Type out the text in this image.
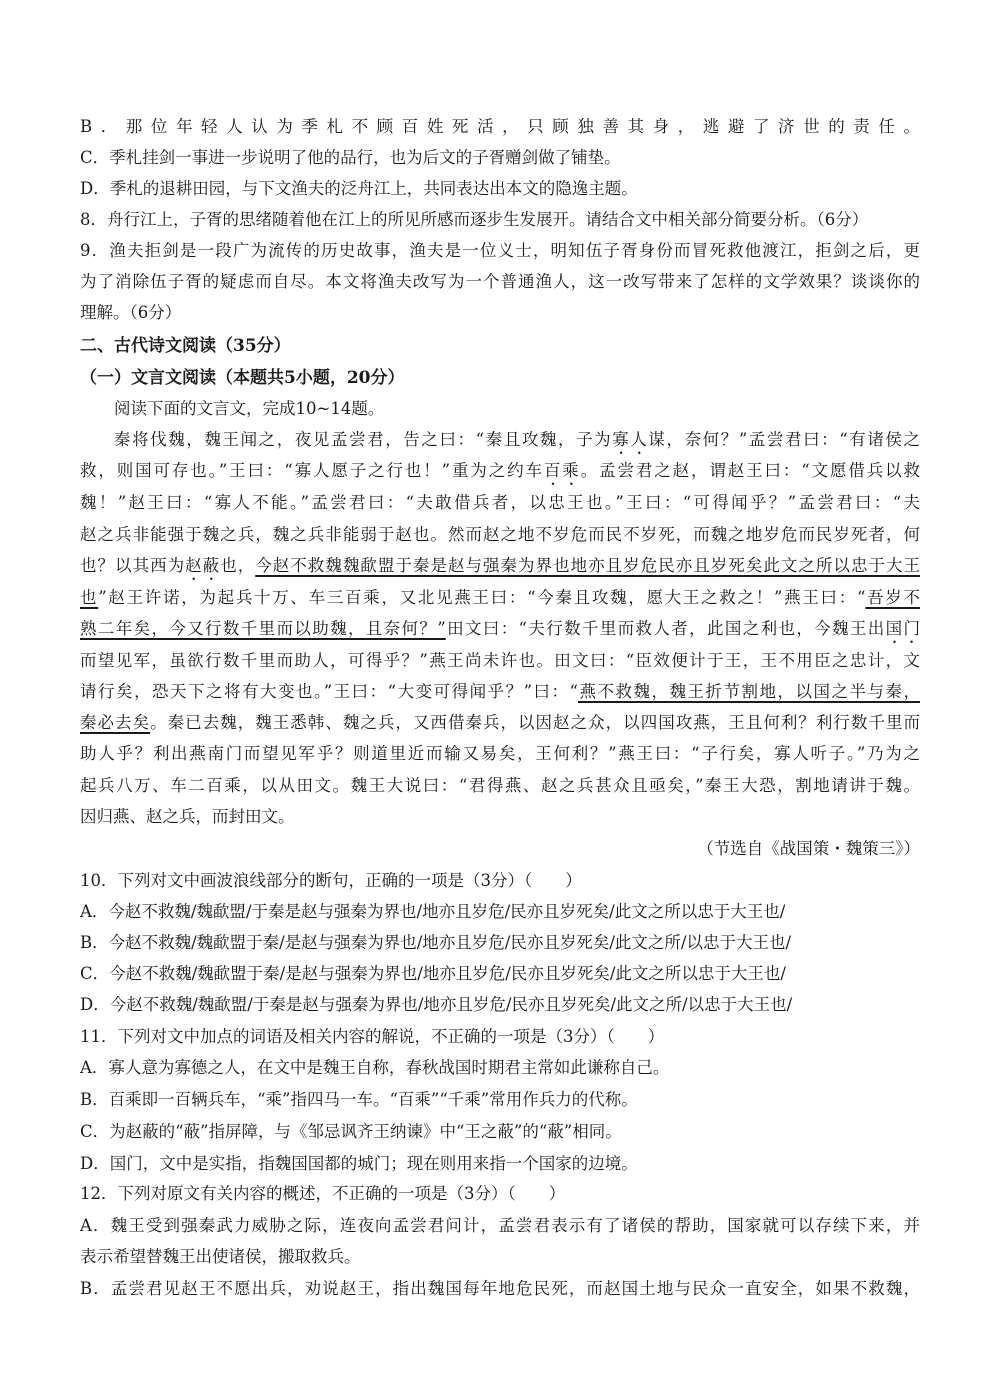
B．那位年轻人认为季札不顾百姓死活，只顾独善其身，逃避了济世的责任。
C．季札挂剑一事进一步说明了他的品行，也为后文的子胥赠剑做了铺垫。
D．季札的退耕田园，与下文渔夫的泛舟江上，共同表达出本文的隐逸主题。
8．舟行江上，子胥的思绪随着他在江上的所见所感而逐步生发展开。请结合文中相关部分简要分析。（6分）
9．渔夫拒剑是一段广为流传的历史故事，渔夫是一位义士，明知伍子胥身份而冒死救他渡江，拒剑之后，更
为了消除伍子胥的疑虑而自尽。本文将渔夫改写为一个普通渔人，这一改写带来了怎样的文学效果？谈谈你的
理解。（6分）
二、古代诗文阅读（35分）
（一）文言文阅读（本题共5小题，20分）
阅读下面的文言文，完成10~14题。
秦将伐魏，魏王闻之，夜见孟尝君，告之曰：“秦且攻魏，子为寡人谋，奈何？”孟尝君曰：“有诸侯之
救，则国可存也。”王曰：“寡人愿子之行也！”重为之约车百乘。孟尝君之赵，谓赵王曰：“文愿借兵以救
魏！”赵王曰：“寡人不能。”孟尝君曰：“夫敢借兵者，以忠王也。”王曰：“可得闻乎？”孟尝君曰：“夫
赵之兵非能强于魏之兵，魏之兵非能弱于赵也。然而赵之地不岁危而民不岁死，而魏之地岁危而民岁死者，何
也？以其西为赵蔽也，今赵不救魏魏歃盟于秦是赵与强秦为界也地亦且岁危民亦且岁死矣此文之所以忠于大王
也”赵王许诺，为起兵十万、车三百乘，又北见燕王曰：“今秦且攻魏，愿大王之救之！”燕王曰：“吾岁不
熟二年矣，今又行数千里而以助魏，且奈何？”田文曰：“夫行数千里而救人者，此国之利也，今魏王出国门
而望见军，虽欲行数千里而助人，可得乎？”燕王尚未许也。田文曰：“臣效便计于王，王不用臣之忠计，文
请行矣，恐天下之将有大变也。”王曰：“大变可得闻乎？”曰：“燕不救魏，魏王折节割地，以国之半与秦，
秦必去矣。秦已去魏，魏王悉韩、魏之兵，又西借秦兵，以因赵之众，以四国攻燕，王且何利？利行数千里而
助人乎？利出燕南门而望见军乎？则道里近而输又易矣，王何利？”燕王曰：“子行矣，寡人听子。”乃为之
起兵八万、车二百乘，以从田文。魏王大说曰：“君得燕、赵之兵甚众且亟矣，”秦王大恐，割地请讲于魏。
因归燕、赵之兵，而封田文。
（节选自《战国策・魏策三》）
10．下列对文中画波浪线部分的断句，正确的一项是（3分）（　　）
A．今赵不救魏/魏歃盟/于秦是赵与强秦为界也/地亦且岁危/民亦且岁死矣/此文之所以忠于大王也/
B．今赵不救魏/魏歃盟于秦/是赵与强秦为界也/地亦且岁危/民亦且岁死矣/此文之所/以忠于大王也/
C．今赵不救魏/魏歃盟于秦/是赵与强秦为界也/地亦且岁危/民亦且岁死矣/此文之所以忠于大王也/
D．今赵不救魏/魏歃盟/于秦是赵与强秦为界也/地亦且岁危/民亦且岁死矣/此文之所/以忠于大王也/
11．下列对文中加点的词语及相关内容的解说，不正确的一项是（3分）（　　）
A．寡人意为寡德之人，在文中是魏王自称，春秋战国时期君主常如此谦称自己。
B．百乘即一百辆兵车，“乘”指四马一车。“百乘”“千乘”常用作兵力的代称。
C．为赵蔽的“蔽”指屏障，与《邹忌讽齐王纳谏》中“王之蔽”的“蔽”相同。
D．国门，文中是实指，指魏国国都的城门；现在则用来指一个国家的边境。
12．下列对原文有关内容的概述，不正确的一项是（3分）（　　）
A．魏王受到强秦武力威胁之际，连夜向孟尝君问计，孟尝君表示有了诸侯的帮助，国家就可以存续下来，并
表示希望替魏王出使诸侯，搬取救兵。
B．孟尝君见赵王不愿出兵，劝说赵王，指出魏国每年地危民死，而赵国土地与民众一直安全，如果不救魏，
